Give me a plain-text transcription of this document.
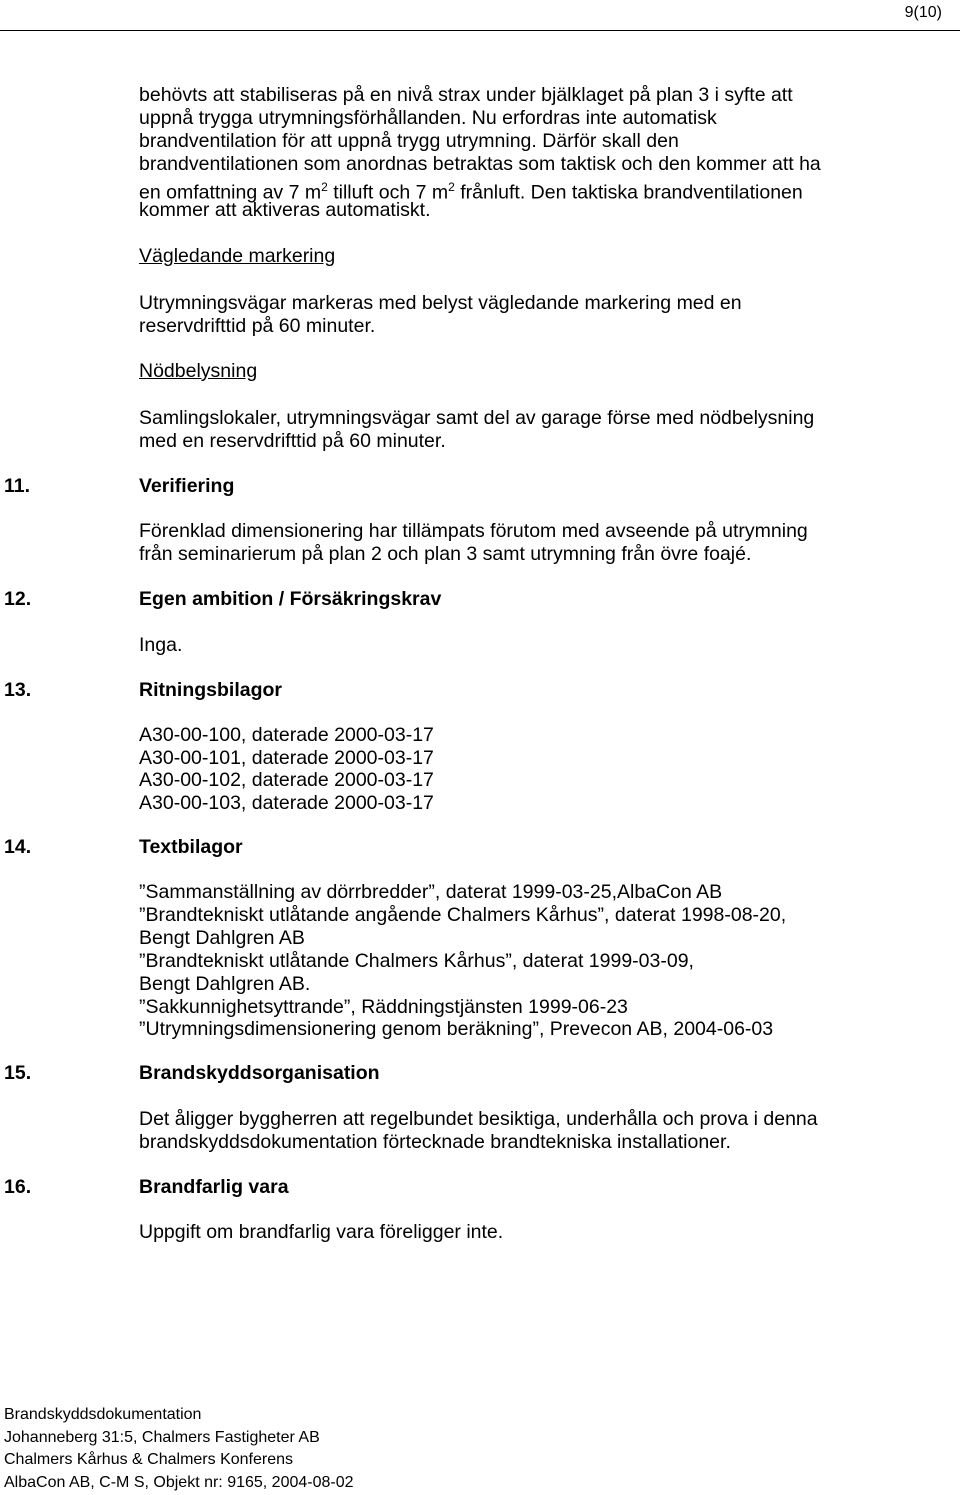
9(10)
behövts att stabiliseras på en nivå strax under bjälklaget på plan 3 i syfte att
uppnå trygga utrymningsförhållanden. Nu erfordras inte automatisk
brandventilation för att uppnå trygg utrymning. Därför skall den
brandventilationen som anordnas betraktas som taktisk och den kommer att ha
en omfattning av 7 $m^2$ tilluft och 7 $m^2$ frånluft. Den taktiska brandventilationen
kommer att aktiveras automatiskt.
Vägledande markering
Utrymningsvägar markeras med belyst vägledande markering med en
reservdrifttid på 60 minuter.
Nödbelysning
Samlingslokaler, utrymningsvägar samt del av garage förse med nödbelysning
med en reservdrifttid på 60 minuter.
11.	Verifiering
Förenklad dimensionering har tillämpats förutom med avseende på utrymning
från seminarierum på plan 2 och plan 3 samt utrymning från övre foajé.
12.	Egen ambition / Försäkringskrav
Inga.
13.	Ritningsbilagor
A30-00-100, daterade 2000-03-17
A30-00-101, daterade 2000-03-17
A30-00-102, daterade 2000-03-17
A30-00-103, daterade 2000-03-17
14.	Textbilagor
”Sammanställning av dörrbredder”, daterat 1999-03-25,AlbaCon AB
”Brandtekniskt utlåtande angående Chalmers Kårhus”, daterat 1998-08-20,
Bengt Dahlgren AB
”Brandtekniskt utlåtande Chalmers Kårhus”, daterat 1999-03-09,
Bengt Dahlgren AB.
”Sakkunnighetsyttrande”, Räddningstjänsten 1999-06-23
”Utrymningsdimensionering genom beräkning”, Prevecon AB, 2004-06-03
15.	Brandskyddsorganisation
Det åligger byggherren att regelbundet besiktiga, underhålla och prova i denna
brandskyddsdokumentation förtecknade brandtekniska installationer.
16.	Brandfarlig vara
Uppgift om brandfarlig vara föreligger inte.
Brandskyddsdokumentation
Johanneberg 31:5, Chalmers Fastigheter AB
Chalmers Kårhus & Chalmers Konferens
AlbaCon AB, C-M S, Objekt nr: 9165, 2004-08-02
